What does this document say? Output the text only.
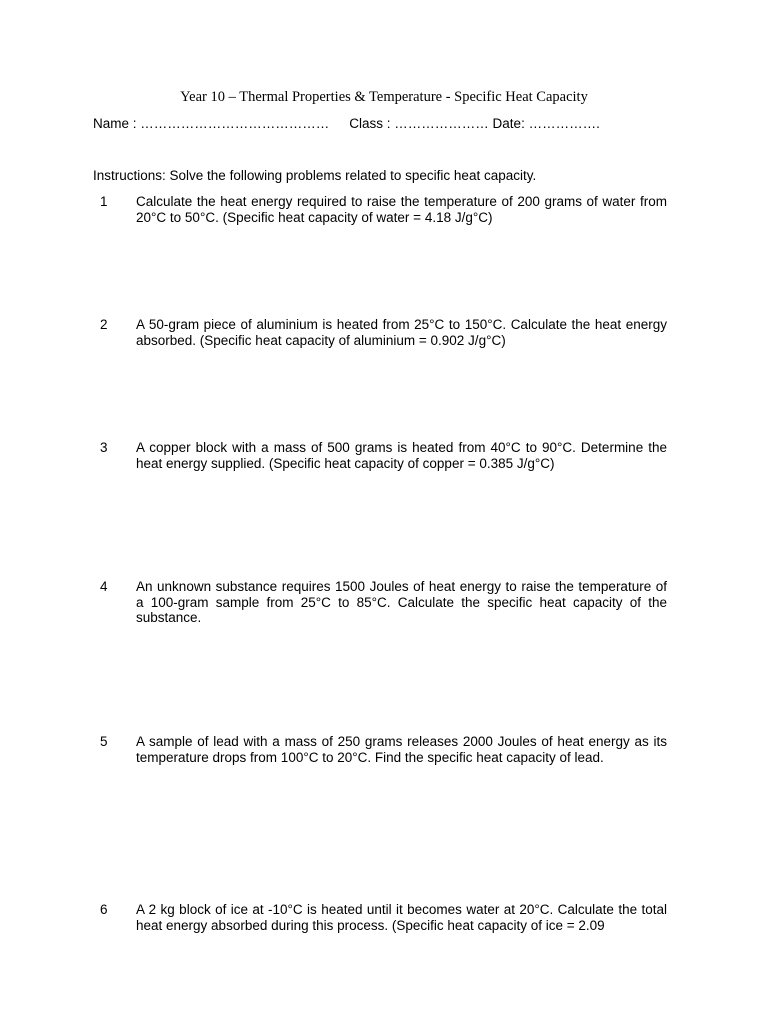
Year 10 – Thermal Properties & Temperature - Specific Heat Capacity
Name : …………………………………… Class : ………………… Date: …………….
Instructions: Solve the following problems related to specific heat capacity.
1	Calculate the heat energy required to raise the temperature of 200 grams of water from 20°C to 50°C. (Specific heat capacity of water = 4.18 J/g°C)
2	A 50-gram piece of aluminium is heated from 25°C to 150°C. Calculate the heat energy absorbed. (Specific heat capacity of aluminium = 0.902 J/g°C)
3	A copper block with a mass of 500 grams is heated from 40°C to 90°C. Determine the heat energy supplied. (Specific heat capacity of copper = 0.385 J/g°C)
4	An unknown substance requires 1500 Joules of heat energy to raise the temperature of a 100-gram sample from 25°C to 85°C. Calculate the specific heat capacity of the substance.
5	A sample of lead with a mass of 250 grams releases 2000 Joules of heat energy as its temperature drops from 100°C to 20°C. Find the specific heat capacity of lead.
6	A 2 kg block of ice at -10°C is heated until it becomes water at 20°C. Calculate the total heat energy absorbed during this process. (Specific heat capacity of ice = 2.09
